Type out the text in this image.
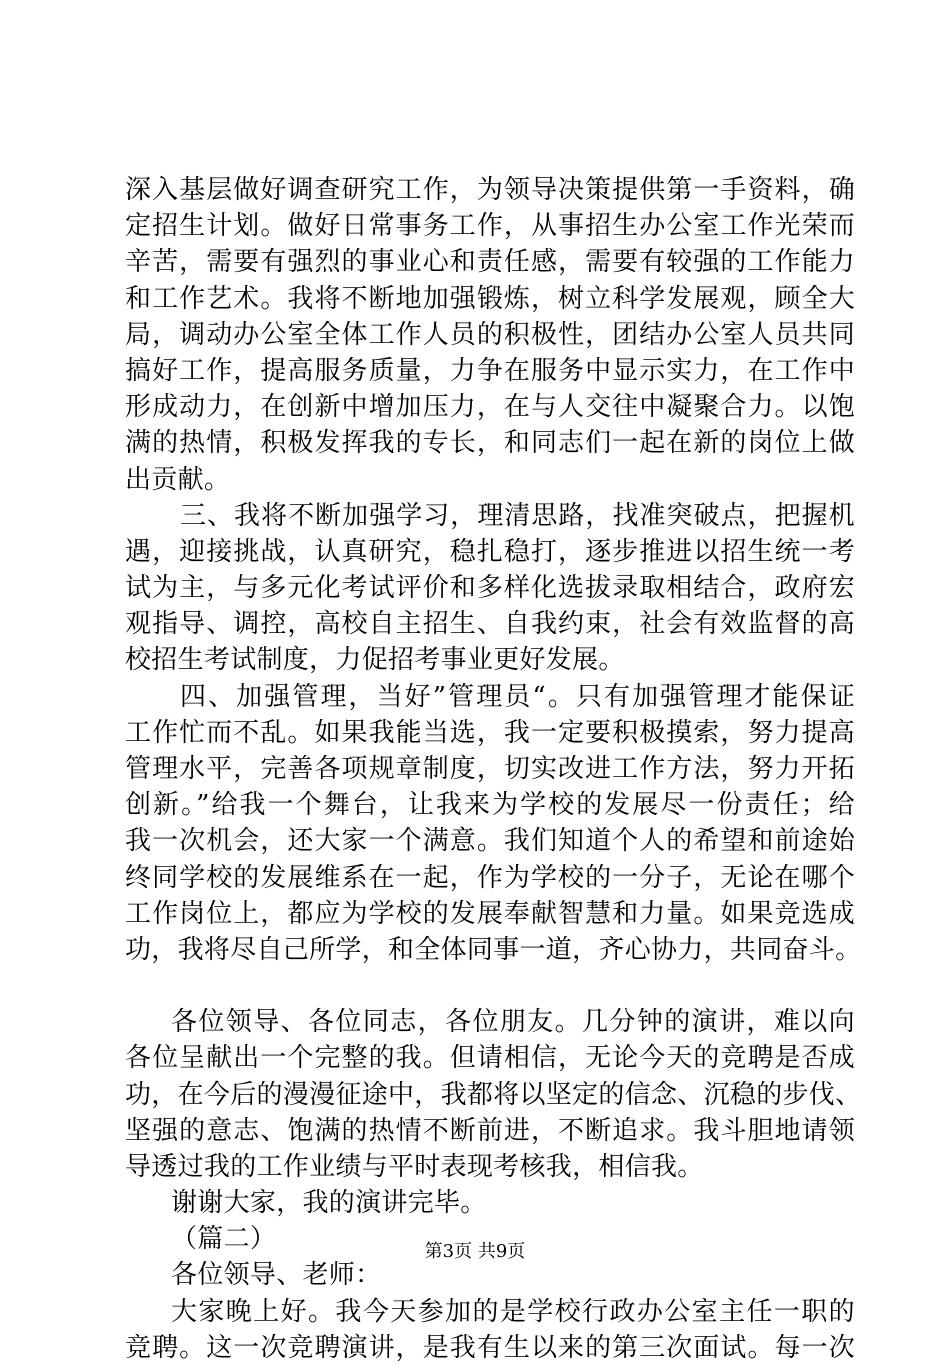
深入基层做好调查研究工作，为领导决策提供第一手资料，确
定招生计划。做好日常事务工作，从事招生办公室工作光荣而
辛苦，需要有强烈的事业心和责任感，需要有较强的工作能力
和工作艺术。我将不断地加强锻炼，树立科学发展观，顾全大
局，调动办公室全体工作人员的积极性，团结办公室人员共同
搞好工作，提高服务质量，力争在服务中显示实力，在工作中
形成动力，在创新中增加压力，在与人交往中凝聚合力。以饱
满的热情，积极发挥我的专长，和同志们一起在新的岗位上做
出贡献。
三、我将不断加强学习，理清思路，找准突破点，把握机
遇，迎接挑战，认真研究，稳扎稳打，逐步推进以招生统一考
试为主，与多元化考试评价和多样化选拔录取相结合，政府宏
观指导、调控，高校自主招生、自我约束，社会有效监督的高
校招生考试制度，力促招考事业更好发展。
四、加强管理，当好”管理员“。只有加强管理才能保证
工作忙而不乱。如果我能当选，我一定要积极摸索，努力提高
管理水平，完善各项规章制度，切实改进工作方法，努力开拓
创新。”给我一个舞台，让我来为学校的发展尽一份责任；给
我一次机会，还大家一个满意。我们知道个人的希望和前途始
终同学校的发展维系在一起，作为学校的一分子，无论在哪个
工作岗位上，都应为学校的发展奉献智慧和力量。如果竞选成
功，我将尽自己所学，和全体同事一道，齐心协力，共同奋斗。
各位领导、各位同志，各位朋友。几分钟的演讲，难以向
各位呈献出一个完整的我。但请相信，无论今天的竞聘是否成
功，在今后的漫漫征途中，我都将以坚定的信念、沉稳的步伐、
坚强的意志、饱满的热情不断前进，不断追求。我斗胆地请领
导透过我的工作业绩与平时表现考核我，相信我。
谢谢大家，我的演讲完毕。
（篇二）
各位领导、老师：
大家晚上好。我今天参加的是学校行政办公室主任一职的
竞聘。这一次竞聘演讲，是我有生以来的第三次面试。每一次
第3页 共9页
